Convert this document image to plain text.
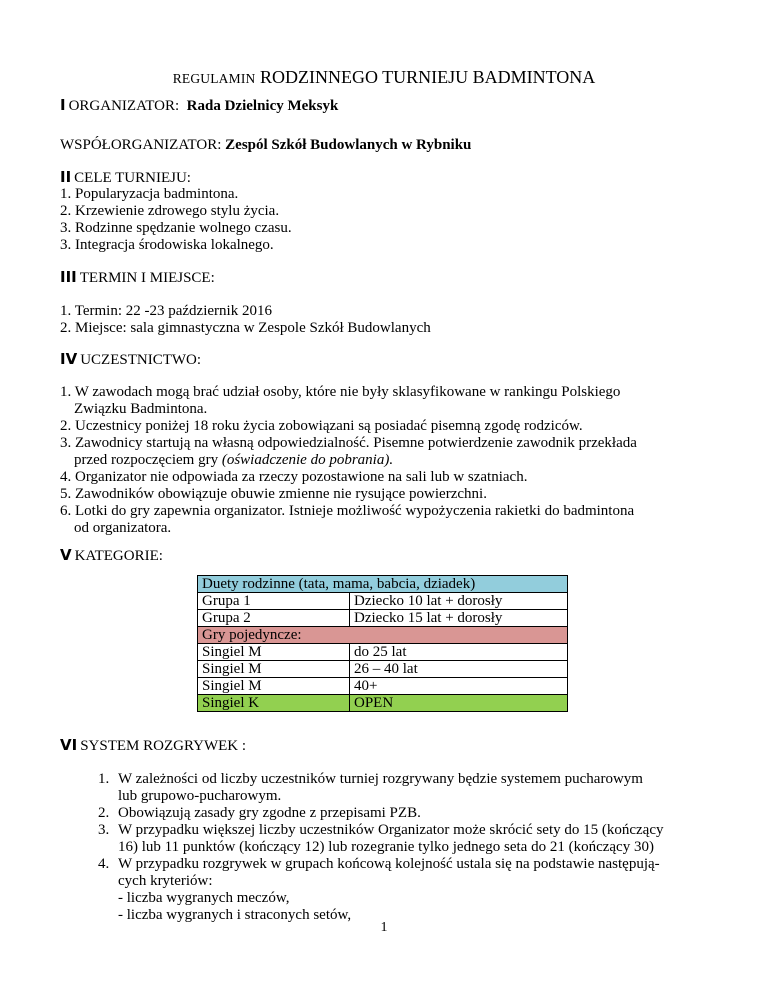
REGULAMIN RODZINNEGO TURNIEJU BADMINTONA
I ORGANIZATOR: Rada Dzielnicy Meksyk
WSPÓŁORGANIZATOR: Zespól Szkół Budowlanych w Rybniku
II CELE TURNIEJU:
1. Popularyzacja badmintona.
2. Krzewienie zdrowego stylu życia.
3. Rodzinne spędzanie wolnego czasu.
3. Integracja środowiska lokalnego.
III TERMIN I MIEJSCE:
1. Termin: 22 -23 październik 2016
2. Miejsce: sala gimnastyczna w Zespole Szkół Budowlanych
IV UCZESTNICTWO:
1. W zawodach mogą brać udział osoby, które nie były sklasyfikowane w rankingu Polskiego
Związku Badmintona.
2. Uczestnicy poniżej 18 roku życia zobowiązani są posiadać pisemną zgodę rodziców.
3. Zawodnicy startują na własną odpowiedzialność. Pisemne potwierdzenie zawodnik przekłada
przed rozpoczęciem gry (oświadczenie do pobrania).
4. Organizator nie odpowiada za rzeczy pozostawione na sali lub w szatniach.
5. Zawodników obowiązuje obuwie zmienne nie rysujące powierzchni.
6. Lotki do gry zapewnia organizator. Istnieje możliwość wypożyczenia rakietki do badmintona
od organizatora.
V KATEGORIE:
Duety rodzinne (tata, mama, babcia, dziadek)	
Grupa 1	Dziecko 10 lat + dorosły
Grupa 2	Dziecko 15 lat + dorosły
Gry pojedyncze:	
Singiel M	do 25 lat
Singiel M	26 – 40 lat
Singiel M	40+
Singiel K	OPEN
VI SYSTEM ROZGRYWEK :
1. W zależności od liczby uczestników turniej rozgrywany będzie systemem pucharowym
lub grupowo-pucharowym.
2. Obowiązują zasady gry zgodne z przepisami PZB.
3. W przypadku większej liczby uczestników Organizator może skrócić sety do 15 (kończący
16) lub 11 punktów (kończący 12) lub rozegranie tylko jednego seta do 21 (kończący 30)
4. W przypadku rozgrywek w grupach końcową kolejność ustala się na podstawie następują-
cych kryteriów:
- liczba wygranych meczów,
- liczba wygranych i straconych setów,
1
